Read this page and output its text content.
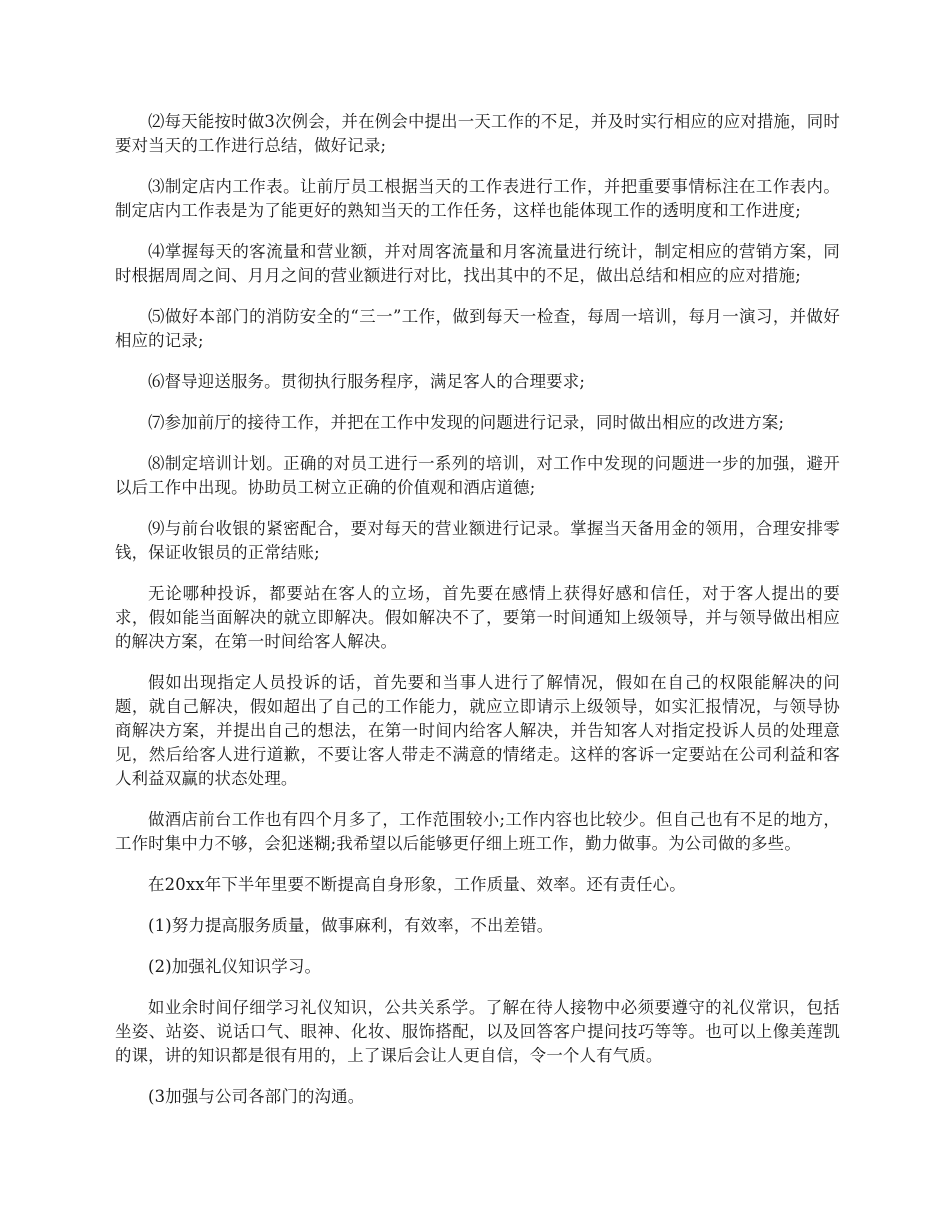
⑵每天能按时做3次例会，并在例会中提出一天工作的不足，并及时实行相应的应对措施，同时要对当天的工作进行总结，做好记录;

⑶制定店内工作表。让前厅员工根据当天的工作表进行工作，并把重要事情标注在工作表内。制定店内工作表是为了能更好的熟知当天的工作任务，这样也能体现工作的透明度和工作进度;

⑷掌握每天的客流量和营业额，并对周客流量和月客流量进行统计，制定相应的营销方案，同时根据周周之间、月月之间的营业额进行对比，找出其中的不足，做出总结和相应的应对措施;

⑸做好本部门的消防安全的“三一”工作，做到每天一检查，每周一培训，每月一演习，并做好相应的记录;

⑹督导迎送服务。贯彻执行服务程序，满足客人的合理要求;

⑺参加前厅的接待工作，并把在工作中发现的问题进行记录，同时做出相应的改进方案;

⑻制定培训计划。正确的对员工进行一系列的培训，对工作中发现的问题进一步的加强，避开以后工作中出现。协助员工树立正确的价值观和酒店道德;

⑼与前台收银的紧密配合，要对每天的营业额进行记录。掌握当天备用金的领用，合理安排零钱，保证收银员的正常结账;

无论哪种投诉，都要站在客人的立场，首先要在感情上获得好感和信任，对于客人提出的要求，假如能当面解决的就立即解决。假如解决不了，要第一时间通知上级领导，并与领导做出相应的解决方案，在第一时间给客人解决。

假如出现指定人员投诉的话，首先要和当事人进行了解情况，假如在自己的权限能解决的问题，就自己解决，假如超出了自己的工作能力，就应立即请示上级领导，如实汇报情况，与领导协商解决方案，并提出自己的想法，在第一时间内给客人解决，并告知客人对指定投诉人员的处理意见，然后给客人进行道歉，不要让客人带走不满意的情绪走。这样的客诉一定要站在公司利益和客人利益双赢的状态处理。

做酒店前台工作也有四个月多了，工作范围较小;工作内容也比较少。但自己也有不足的地方，工作时集中力不够，会犯迷糊;我希望以后能够更仔细上班工作，勤力做事。为公司做的多些。

在20xx年下半年里要不断提高自身形象，工作质量、效率。还有责任心。

(1)努力提高服务质量，做事麻利，有效率，不出差错。

(2)加强礼仪知识学习。

如业余时间仔细学习礼仪知识，公共关系学。了解在待人接物中必须要遵守的礼仪常识，包括坐姿、站姿、说话口气、眼神、化妆、服饰搭配，以及回答客户提问技巧等等。也可以上像美莲凯的课，讲的知识都是很有用的，上了课后会让人更自信，令一个人有气质。

(3加强与公司各部门的沟通。
